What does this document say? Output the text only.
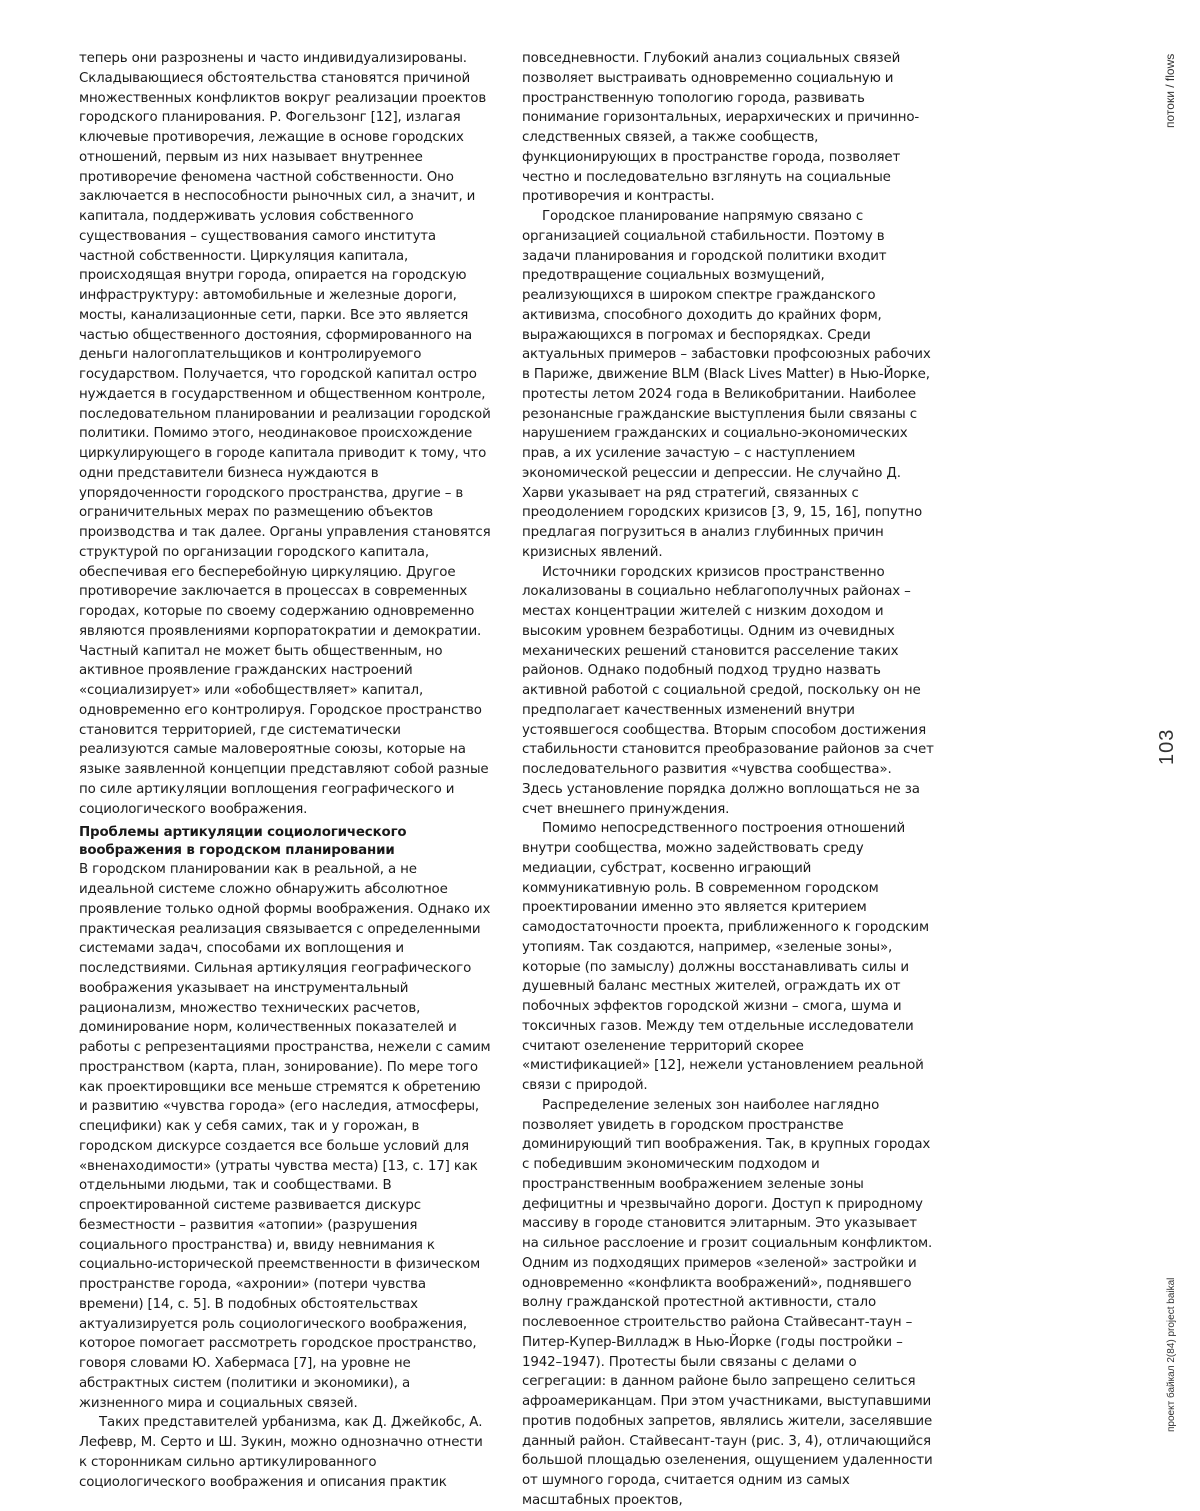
теперь они разрознены и часто индивидуализированы. Складывающиеся обстоятельства становятся причиной множественных конфликтов вокруг реализации проектов городского планирования. Р. Фогельзонг [12], излагая ключевые противоречия, лежащие в основе городских отношений, первым из них называет внутреннее противоречие феномена частной собственности. Оно заключается в неспособности рыночных сил, а значит, и капитала, поддерживать условия собственного существования – существования самого института частной собственности. Циркуляция капитала, происходящая внутри города, опирается на городскую инфраструктуру: автомобильные и железные дороги, мосты, канализационные сети, парки. Все это является частью общественного достояния, сформированного на деньги налогоплательщиков и контролируемого государством. Получается, что городской капитал остро нуждается в государственном и общественном контроле, последовательном планировании и реализации городской политики. Помимо этого, неодинаковое происхождение циркулирующего в городе капитала приводит к тому, что одни представители бизнеса нуждаются в упорядоченности городского пространства, другие – в ограничительных мерах по размещению объектов производства и так далее. Органы управления становятся структурой по организации городского капитала, обеспечивая его бесперебойную циркуляцию. Другое противоречие заключается в процессах в современных городах, которые по своему содержанию одновременно являются проявлениями корпоратократии и демократии. Частный капитал не может быть общественным, но активное проявление гражданских настроений «социализирует» или «обобществляет» капитал, одновременно его контролируя. Городское пространство становится территорией, где систематически реализуются самые маловероятные союзы, которые на языке заявленной концепции представляют собой разные по силе артикуляции воплощения географического и социологического воображения.

Проблемы артикуляции социологического воображения в городском планировании

В городском планировании как в реальной, а не идеальной системе сложно обнаружить абсолютное проявление только одной формы воображения. Однако их практическая реализация связывается с определенными системами задач, способами их воплощения и последствиями. Сильная артикуляция географического воображения указывает на инструментальный рационализм, множество технических расчетов, доминирование норм, количественных показателей и работы с репрезентациями пространства, нежели с самим пространством (карта, план, зонирование). По мере того как проектировщики все меньше стремятся к обретению и развитию «чувства города» (его наследия, атмосферы, специфики) как у себя самих, так и у горожан, в городском дискурсе создается все больше условий для «вненаходимости» (утраты чувства места) [13, с. 17] как отдельными людьми, так и сообществами. В спроектированной системе развивается дискурс безместности – развития «атопии» (разрушения социального пространства) и, ввиду невнимания к социально-исторической преемственности в физическом пространстве города, «ахронии» (потери чувства времени) [14, с. 5]. В подобных обстоятельствах актуализируется роль социологического воображения, которое помогает рассмотреть городское пространство, говоря словами Ю. Хабермаса [7], на уровне не абстрактных систем (политики и экономики), а жизненного мира и социальных связей.

Таких представителей урбанизма, как Д. Джейкобс, А. Лефевр, М. Серто и Ш. Зукин, можно однозначно отнести к сторонникам сильно артикулированного социологического воображения и описания практик

повседневности. Глубокий анализ социальных связей позволяет выстраивать одновременно социальную и пространственную топологию города, развивать понимание горизонтальных, иерархических и причинно-следственных связей, а также сообществ, функционирующих в пространстве города, позволяет честно и последовательно взглянуть на социальные противоречия и контрасты.

Городское планирование напрямую связано с организацией социальной стабильности. Поэтому в задачи планирования и городской политики входит предотвращение социальных возмущений, реализующихся в широком спектре гражданского активизма, способного доходить до крайних форм, выражающихся в погромах и беспорядках. Среди актуальных примеров – забастовки профсоюзных рабочих в Париже, движение BLM (Black Lives Matter) в Нью-Йорке, протесты летом 2024 года в Великобритании. Наиболее резонансные гражданские выступления были связаны с нарушением гражданских и социально-экономических прав, а их усиление зачастую – с наступлением экономической рецессии и депрессии. Не случайно Д. Харви указывает на ряд стратегий, связанных с преодолением городских кризисов [3, 9, 15, 16], попутно предлагая погрузиться в анализ глубинных причин кризисных явлений.

Источники городских кризисов пространственно локализованы в социально неблагополучных районах – местах концентрации жителей с низким доходом и высоким уровнем безработицы. Одним из очевидных механических решений становится расселение таких районов. Однако подобный подход трудно назвать активной работой с социальной средой, поскольку он не предполагает качественных изменений внутри устоявшегося сообщества. Вторым способом достижения стабильности становится преобразование районов за счет последовательного развития «чувства сообщества». Здесь установление порядка должно воплощаться не за счет внешнего принуждения.

Помимо непосредственного построения отношений внутри сообщества, можно задействовать среду медиации, субстрат, косвенно играющий коммуникативную роль. В современном городском проектировании именно это является критерием самодостаточности проекта, приближенного к городским утопиям. Так создаются, например, «зеленые зоны», которые (по замыслу) должны восстанавливать силы и душевный баланс местных жителей, ограждать их от побочных эффектов городской жизни – смога, шума и токсичных газов. Между тем отдельные исследователи считают озеленение территорий скорее «мистификацией» [12], нежели установлением реальной связи с природой.

Распределение зеленых зон наиболее наглядно позволяет увидеть в городском пространстве доминирующий тип воображения. Так, в крупных городах с победившим экономическим подходом и пространственным воображением зеленые зоны дефицитны и чрезвычайно дороги. Доступ к природному массиву в городе становится элитарным. Это указывает на сильное расслоение и грозит социальным конфликтом. Одним из подходящих примеров «зеленой» застройки и одновременно «конфликта воображений», поднявшего волну гражданской протестной активности, стало послевоенное строительство района Стайвесант-таун – Питер-Купер-Вилладж в Нью-Йорке (годы постройки – 1942–1947). Протесты были связаны с делами о сегрегации: в данном районе было запрещено селиться афроамериканцам. При этом участниками, выступавшими против подобных запретов, являлись жители, заселявшие данный район. Стайвесант-таун (рис. 3, 4), отличающийся большой площадью озеленения, ощущением удаленности от шумного города, считается одним из самых масштабных проектов,

потоки / flows
103
проект байкал 2(84) project baikal
